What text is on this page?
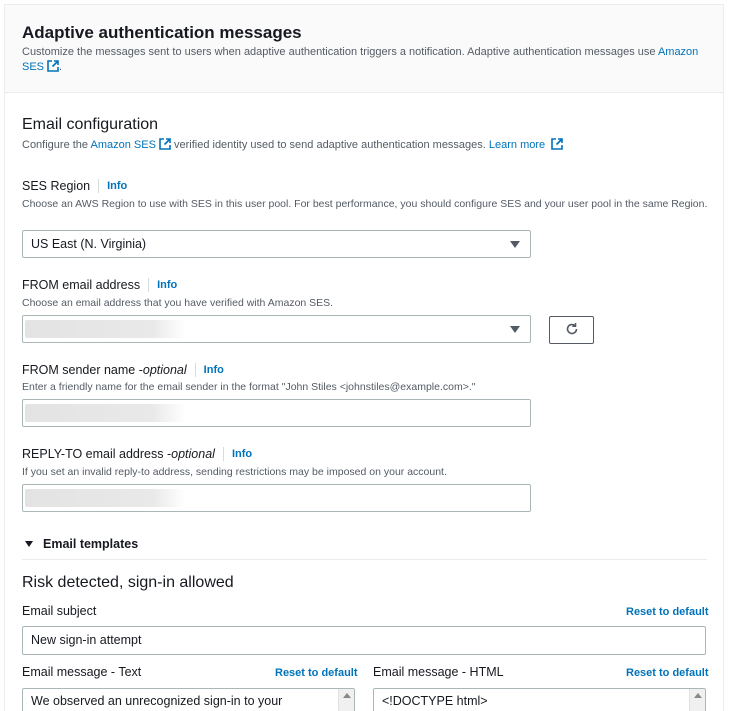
Adaptive authentication messages
Customize the messages sent to users when adaptive authentication triggers a notification. Adaptive authentication messages use Amazon SES .
Email configuration
Configure the Amazon SES verified identity used to send adaptive authentication messages. Learn more
SES Region Info
Choose an AWS Region to use with SES in this user pool. For best performance, you should configure SES and your user pool in the same Region.
US East (N. Virginia)
FROM email address Info
Choose an email address that you have verified with Amazon SES.
FROM sender name - optional Info
Enter a friendly name for the email sender in the format "John Stiles <johnstiles@example.com>."
REPLY-TO email address - optional Info
If you set an invalid reply-to address, sending restrictions may be imposed on your account.
Email templates
Risk detected, sign-in allowed
Email subject	Reset to default
New sign-in attempt
Email message - Text	Reset to default Email message - HTML	Reset to default
We observed an unrecognized sign-in to your	<!DOCTYPE html>
